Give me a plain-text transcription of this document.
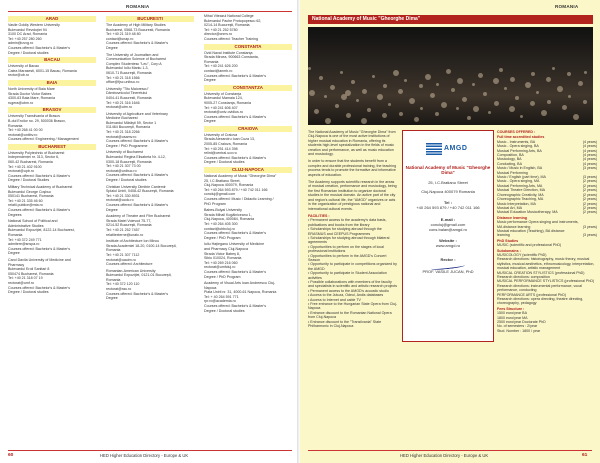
ROMANIA
ARAD
Vasile Goldiş Western University
Bulevardul Revoluţiei 94
3100 DC Arad, Romania
Tel: +40 257 280 260
admin@uvvg.ro
Courses offered: Bachelor's & Master's
Degree / Doctoral studies
BACAU
University of Bacau
Calea Marasesti, 6001-15 Bacau, Romania
rector@ub.ro
BAIA
North University of Baia Mare
Strada Doctor Victor Babes
4300-63 Baia Mare, Romania
rugera@ubm.ro
BRASOV
University Transilvania of Brasov
B-dul Eroilor no. 29, 500036 Brasov,
Romania
Tel: +40 268 41 00 00
rectorat@unitbv.ro
Courses offered: Engineering / Management
BUCHAREST
University Polytechnic of Bucharest
Independenței nr. 313, Sector 6,
060-42 Bucharest, Romania
Tel: +40 21 402 9100
rectorat@upb.ro
Courses offered: Bachelor's & Master's
Degree / Doctoral Studies
Military Technical Academy of Bucharest
Bulevardul George Coşbuc
050141 Bucharest, Romania
Tel: +40 21 335 46 60
relatii.publice@mta.ro
Courses offered: Bachelor's & Master's
Degrees
National School of Political and
Administrative Studies
Bulevardul Expoziţiei, 8122-14 Bucharest,
Romania
Tel: +40 372 249 771
admitere@snspa.ro
Courses offered: Bachelor's & Master's
Degree
Carol Davila University of Medicine and
Pharmacy
Bulevardul Eroii Sanitari 8
050474 Bucharest, Romania
Tel: +40 21 318 07 19
rectorat@umf.ro
Courses offered: Bachelor's & Master's
Degree / Doctoral studies
BUCURESTI
The Academy of High Military Studies
Bucharest, 0568-73 Bucuresti, Romania
Tel: +40 21 319 48 80
contact@unap.ro
Courses offered: Bachelor's & Master's
Degree
The University of Journalism and
Communication Science of Bucharest
Complex Studentesc "Leu", Corp A
Bulevardul Iuliu Maniu 1-3,
0610-71 Bucureşti, Romania
Tel: +40 21 318 1566
office@fjsc.unibuc.ro
University "Titu Maiorescu"
Dâmbovnicului Tineretului
0404-41 Bucuresti, Romania
Tel: +40 21 316 1646
rectorat@utm.ro
University of Agriculture and Veterinary
Medicine Bucharest
Bulevardul Mărăşti 59, Sector 1
011464 Bucureşti, Romania
Tel: +40 21 318 2266
rectorat@usamv.ro
Courses offered: Bachelor's & Master's
Degree / PhD Programme
University of Bucharest
Bulevardul Regina Elisabeta Nr. 4-12,
0300-18 Bucureşti, Romania
Tel: +40 21 307 73 00
rectorat@unibuc.ro
Courses offered: Bachelor's & Master's
Degree / Doctoral studies
Christian University Dimitrie Cantemir
Splaiul Unirii, 0408-42 Bucureşti, Romania
Tel: +40 21 330 8931
rectorat@ucdc.ro
Courses offered: Bachelor's & Master's
Degree
Academy of Theatre and Film Bucharest
Strada Matei Voievod 75-77,
0214-52 Bucureşti, Romania
Tel: +40 21 252 7457
relatiiexterne@unatc.ro
Institute of Architecture Ion Mincu
Strada Academiei 18-20, 0100-14 Bucureşti,
Romania
Tel: +40 21 307 7112
rectorat@uauim.ro
Courses offered: Architecture
Romanian-American University
Bulevardul Expoziţiei, 0121-01 Bucureşti,
Romania
Tel: +40 372 120 110
rectorat@rau.ro
Courses offered: Bachelor's & Master's
Degree
Mihai Viteazul National College
Bulevardul Pache Protopopescu 62,
0214-14 Bucureşti, Romania
Tel: +40 21 252 5780
director@cnmv.ro
Courses offered: Teacher Training
CONSTANTA
Ovid Naval Institute Constanţa
Strada Mircea, 900663 Constanta,
Romania
Tel: +40 241 626 200
contact@anmb.ro
Courses offered: Bachelor's & Master's
Degree
CONSTANTZA
University of Constanţa
Bulevardul Mamaia 124,
9005-27 Constanţa, Romania
Tel: +40 241 606 407
rectorat@univ-ovidius.ro
Courses offered: Bachelor's & Master's
Degree
CRAIOVA
University of Craiova
Strada Alexandru Ioan Cuza 13,
2005-85 Craiova, Romania
Tel: +40 251 414 398
relint@central.ucv.ro
Courses offered: Bachelor's & Master's
Degree / Doctoral studies
CLUJ-NAPOCA
National Academy of Music "Gheorghe Dima"
25, I.C.Bratianu Street,
Cluj-Napoca 400079, Romania
Tel: +40 264 593 879 / +40 742 011 166
concluj@gmail.com
Courses offered: Music / Didactic Learning /
PhD Program
Babes-Bolyai University
Strada Mihail Kogălniceanu 1,
Cluj-Napoca, 400084, Romania
Tel: +40 264 405 300
contact@ubbcluj.ro
Courses offered: Bachelor's & Master's
Degree / PhD Program
Iuliu Haţieganu University of Medicine
and Pharmacy Cluj-Napoca
Strada Victor Babeş 8,
Sibiu 010024, Romania
Tel: +40 269 216 060
rectorat@umfcluj.ro
Courses offered: Bachelor's & Master's
Degree / PhD Program
Academy of Visual Arts Ioan Andreescu Cluj-
Napoca
Piata Unirii nr. 31, 4000-61 Napoca, Romania
Tel: + 40 264 591 771
rpr.ro@academia.ro
Courses offered: Bachelor's & Master's
Degree / Doctoral studies
60	HED Higher Education Directory - Europe & UK
ROMANIA
National Academy of Music "Gheorghe Dima"
The National Academy of Music "Gheorghe Dima" from Cluj-Napoca is one of the most active institutions of higher musical education in Romania, offering its students high-level specialization in the fields of music creation and performance, as well as music education and musicology.
In order to ensure that the students benefit from a complex and durable professional training, the teaching process tends to promote the formative and informative aspects of education.
The Academy supports scientific research in the areas of musical creation, performance and musicology, being the first Romanian institution to organize doctoral studies in the musical domain. An active part of the city and region's cultural life, the "AMGD" organizes or acts in the organization of prestigious national and international cultural events.
FACILITIES :
• Permanent access to the academy's data basis, publications and books from the library
• Scholarships for studying abroad through the ERASMUS and CEEPUS Programmes
• Scholarships for studying abroad through bilateral agreements
• Opportunities to perform on the stages of local professional institutions
• Opportunities to perform in the AMGD's Concert Season
• Opportunity to participate in competitions organized by the AMGD
• Opportunity to participate in Student Association activities
• Possible collaborations with members of the faculty and specialists in scientific and artistic research projects
• Permanent access to the AMGD's acoustic studio
• Access to the Jutuza, Odeul, Andis databases
• Access to Internet and cable TV
• Free entrance to the Hungarian State Opera from Cluj-Napoca
• Entrance discount to the Romanian National Opera from Cluj-Napoca
• Entrance discount to the "Transilvania" State Philharmonic in Cluj-Napoca
AMGD
National Academy of Music "Gheorghe Dima"
25, I.C.Bratianu Street
Cluj-Napoca 400079 Romania
Tel :
+40 264 593 879 / +40 742 011 166
E-mail :
concluj@gmail.com
cons.balan@amgd.ro
Website :
www.amgd.ro
Rector :
PROF. VASILE JUCAN, PhD
COURSES OFFERED :
Full time accredited studies
Music - Instruments, BA	(4 years)
Music - Opera singing, BA	(4 years)
Musical Performing Arts, BA	(4 years)
Composition, BA	(4 years)
Musicology, BA	(4 years)
Conducting, BA	(4 years)
Music / Music in English, BA	(3 years)
Musical Performing
Music / English (part time), MA	(3 years)
Music - Opera singing, MA	(2 years)
Musical Performing Arts, MA	(2 years)
Musical Theatre Direction, MA	(2 years)
Choreographic Creativity, MA	(2 years)
Choreographic Teaching, MA	(2 years)
Music Interpretation, MA	(2 years)
Musical Art, MA	(2 years)
Musical Education Musicotherapy, MA	(2 years)
Distance learning
Music performance Opera singing and instruments,
MA distance learning	(3 years)
Musical education (Teaching), BA distance
learning	(3 years)
PhD Studies
MUSIC (scientific and professional PhD)
Subdomains :
MUSICOLOGY (scientific PhD)
Research directions: historiography, music theory, musical stylistics, musical aesthetics, ethnomusicology, interpretation, musical education, artistic management
MUSICAL CREATION STYLISTICS (professional PhD)
Research directions: composition
MUSICAL PERFORMANCE STYLISTICS (professional PhD)
Research directions: instrumental performance, vocal performance, conducting
PERFORMANCE ARTS (professional PhD)
Research directions: opera directing, theatre directing, choreography, pedagogy
Fees Structure :
1500 euro/year BA
1800 euro/year MA
2500 euro/year Doctorate PhD
No. of semesters : 2/year
Stud. Number : 1800 / year
HED Higher Education Directory - Europe & UK	61
